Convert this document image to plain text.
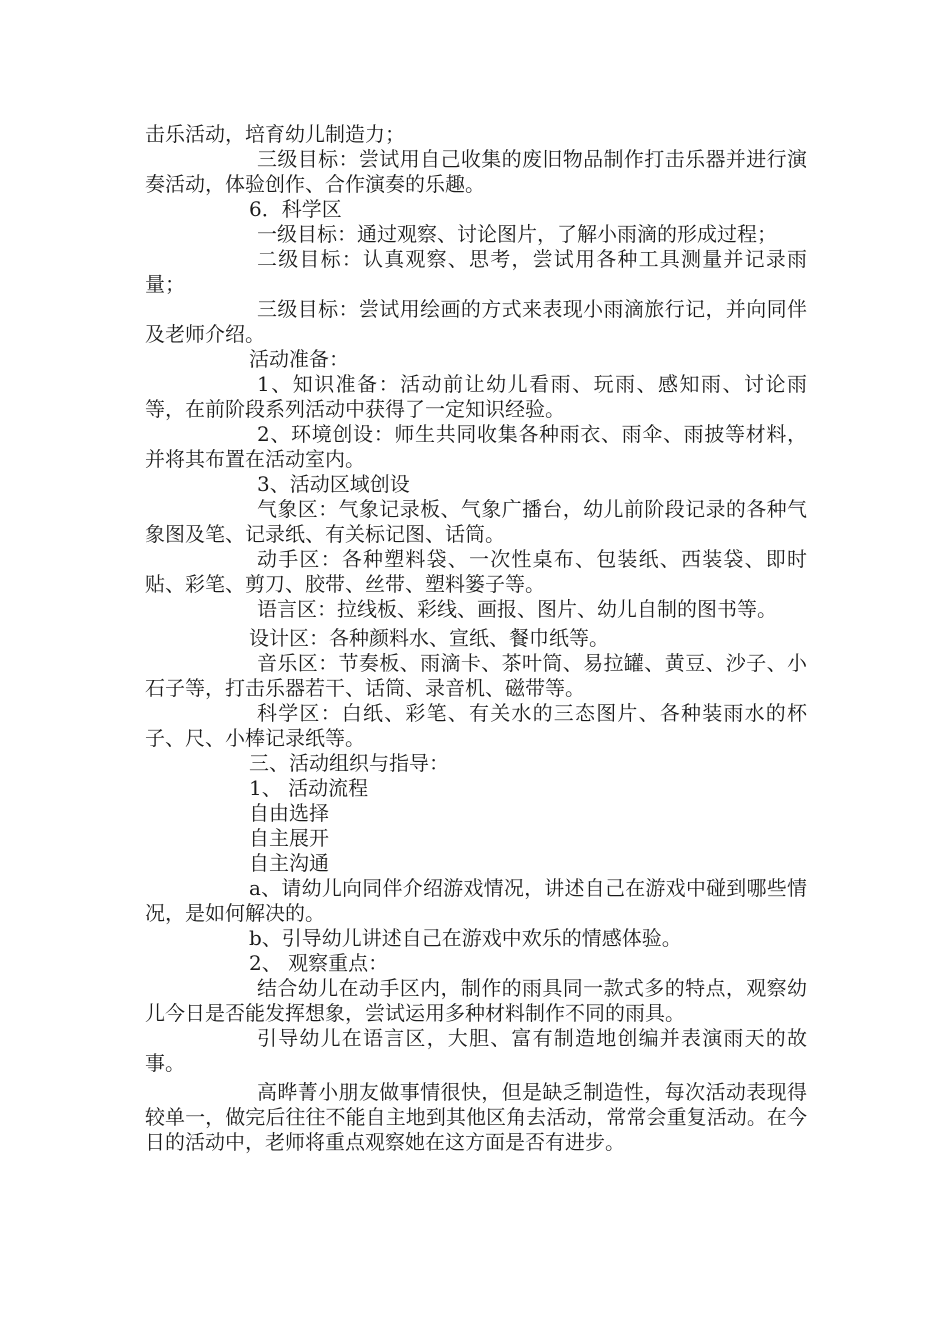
击乐活动，培育幼儿制造力；

三级目标：尝试用自己收集的废旧物品制作打击乐器并进行演奏活动，体验创作、合作演奏的乐趣。

6．科学区

一级目标：通过观察、讨论图片，了解小雨滴的形成过程；

二级目标：认真观察、思考，尝试用各种工具测量并记录雨量；

三级目标：尝试用绘画的方式来表现小雨滴旅行记，并向同伴及老师介绍。

活动准备：

1、知识准备：活动前让幼儿看雨、玩雨、感知雨、讨论雨等，在前阶段系列活动中获得了一定知识经验。

2、环境创设：师生共同收集各种雨衣、雨伞、雨披等材料，并将其布置在活动室内。

3、活动区域创设

气象区：气象记录板、气象广播台，幼儿前阶段记录的各种气象图及笔、记录纸、有关标记图、话筒。

动手区：各种塑料袋、一次性桌布、包装纸、西装袋、即时贴、彩笔、剪刀、胶带、丝带、塑料篓子等。

语言区：拉线板、彩线、画报、图片、幼儿自制的图书等。

设计区：各种颜料水、宣纸、餐巾纸等。

音乐区：节奏板、雨滴卡、茶叶筒、易拉罐、黄豆、沙子、小石子等，打击乐器若干、话筒、录音机、磁带等。

科学区：白纸、彩笔、有关水的三态图片、各种装雨水的杯子、尺、小棒记录纸等。

三、活动组织与指导：

1、 活动流程

自由选择

自主展开

自主沟通

a、请幼儿向同伴介绍游戏情况，讲述自己在游戏中碰到哪些情况，是如何解决的。

b、引导幼儿讲述自己在游戏中欢乐的情感体验。

2、 观察重点：

结合幼儿在动手区内，制作的雨具同一款式多的特点，观察幼儿今日是否能发挥想象，尝试运用多种材料制作不同的雨具。

引导幼儿在语言区，大胆、富有制造地创编并表演雨天的故事。

高晔菁小朋友做事情很快，但是缺乏制造性，每次活动表现得较单一，做完后往往不能自主地到其他区角去活动，常常会重复活动。在今日的活动中，老师将重点观察她在这方面是否有进步。
